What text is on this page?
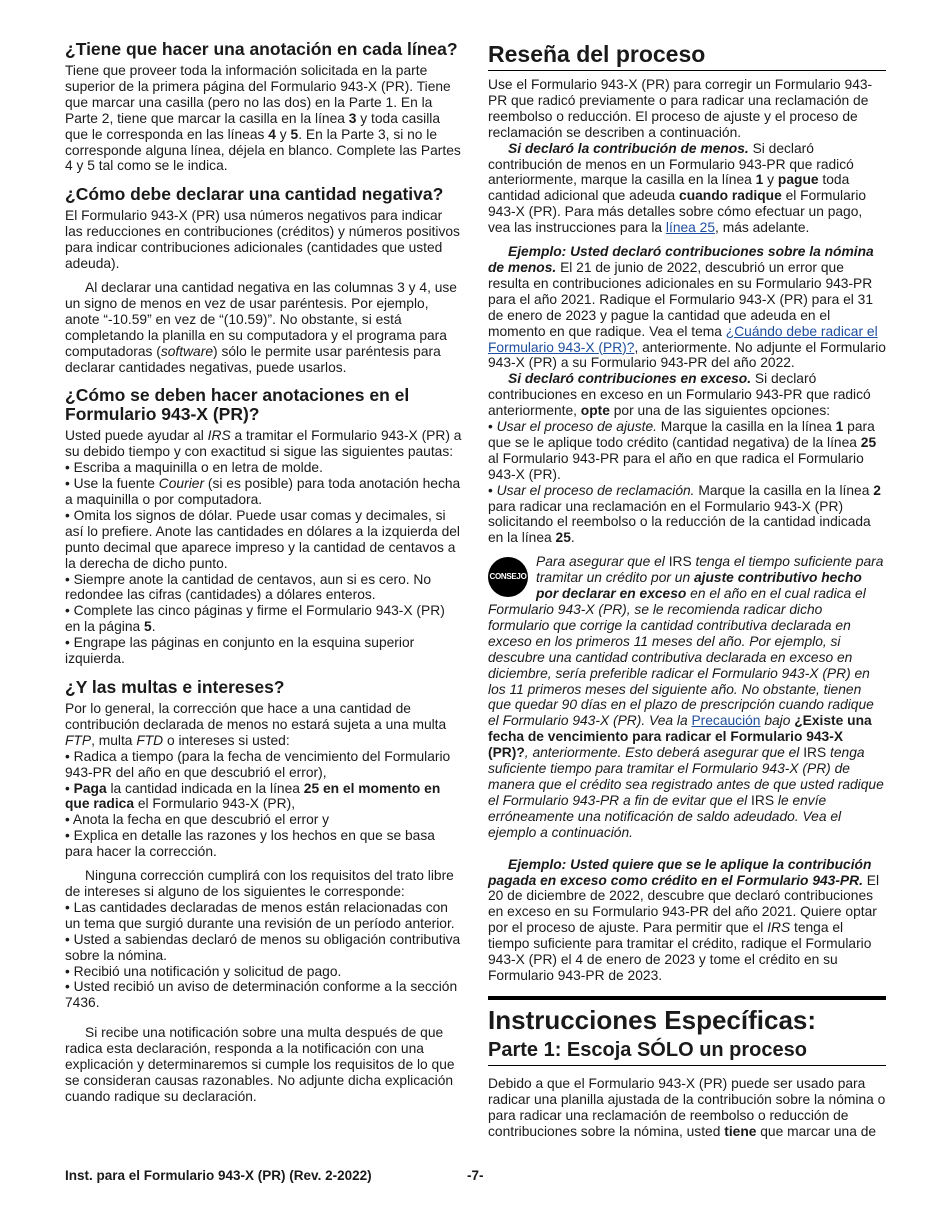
¿Tiene que hacer una anotación en cada línea?

Tiene que proveer toda la información solicitada en la parte superior de la primera página del Formulario 943-X (PR). Tiene que marcar una casilla (pero no las dos) en la Parte 1. En la Parte 2, tiene que marcar la casilla en la línea 3 y toda casilla que le corresponda en las líneas 4 y 5. En la Parte 3, si no le corresponde alguna línea, déjela en blanco. Complete las Partes 4 y 5 tal como se le indica.

¿Cómo debe declarar una cantidad negativa?

El Formulario 943-X (PR) usa números negativos para indicar las reducciones en contribuciones (créditos) y números positivos para indicar contribuciones adicionales (cantidades que usted adeuda).

Al declarar una cantidad negativa en las columnas 3 y 4, use un signo de menos en vez de usar paréntesis. Por ejemplo, anote “-10.59” en vez de “(10.59)”. No obstante, si está completando la planilla en su computadora y el programa para computadoras (software) sólo le permite usar paréntesis para declarar cantidades negativas, puede usarlos.

¿Cómo se deben hacer anotaciones en el Formulario 943-X (PR)?

Usted puede ayudar al IRS a tramitar el Formulario 943-X (PR) a su debido tiempo y con exactitud si sigue las siguientes pautas:

• Escriba a maquinilla o en letra de molde.

• Use la fuente Courier (si es posible) para toda anotación hecha a maquinilla o por computadora.

• Omita los signos de dólar. Puede usar comas y decimales, si así lo prefiere. Anote las cantidades en dólares a la izquierda del punto decimal que aparece impreso y la cantidad de centavos a la derecha de dicho punto.

• Siempre anote la cantidad de centavos, aun si es cero. No redondee las cifras (cantidades) a dólares enteros.

• Complete las cinco páginas y firme el Formulario 943-X (PR) en la página 5.

• Engrape las páginas en conjunto en la esquina superior izquierda.

¿Y las multas e intereses?

Por lo general, la corrección que hace a una cantidad de contribución declarada de menos no estará sujeta a una multa FTP, multa FTD o intereses si usted:

• Radica a tiempo (para la fecha de vencimiento del Formulario 943-PR del año en que descubrió el error),

• Paga la cantidad indicada en la línea 25 en el momento en que radica el Formulario 943-X (PR),

• Anota la fecha en que descubrió el error y

• Explica en detalle las razones y los hechos en que se basa para hacer la corrección.

Ninguna corrección cumplirá con los requisitos del trato libre de intereses si alguno de los siguientes le corresponde:

• Las cantidades declaradas de menos están relacionadas con un tema que surgió durante una revisión de un período anterior.

• Usted a sabiendas declaró de menos su obligación contributiva sobre la nómina.

• Recibió una notificación y solicitud de pago.

• Usted recibió un aviso de determinación conforme a la sección 7436.

Si recibe una notificación sobre una multa después de que radica esta declaración, responda a la notificación con una explicación y determinaremos si cumple los requisitos de lo que se consideran causas razonables. No adjunte dicha explicación cuando radique su declaración.

Reseña del proceso

Use el Formulario 943-X (PR) para corregir un Formulario 943-PR que radicó previamente o para radicar una reclamación de reembolso o reducción. El proceso de ajuste y el proceso de reclamación se describen a continuación.

Si declaró la contribución de menos. Si declaró contribución de menos en un Formulario 943-PR que radicó anteriormente, marque la casilla en la línea 1 y pague toda cantidad adicional que adeuda cuando radique el Formulario 943-X (PR). Para más detalles sobre cómo efectuar un pago, vea las instrucciones para la línea 25, más adelante.

Ejemplo: Usted declaró contribuciones sobre la nómina de menos. El 21 de junio de 2022, descubrió un error que resulta en contribuciones adicionales en su Formulario 943-PR para el año 2021. Radique el Formulario 943-X (PR) para el 31 de enero de 2023 y pague la cantidad que adeuda en el momento en que radique. Vea el tema ¿Cuándo debe radicar el Formulario 943-X (PR)?, anteriormente. No adjunte el Formulario 943-X (PR) a su Formulario 943-PR del año 2022.

Si declaró contribuciones en exceso. Si declaró contribuciones en exceso en un Formulario 943-PR que radicó anteriormente, opte por una de las siguientes opciones:

• Usar el proceso de ajuste. Marque la casilla en la línea 1 para que se le aplique todo crédito (cantidad negativa) de la línea 25 al Formulario 943-PR para el año en que radica el Formulario 943-X (PR).

• Usar el proceso de reclamación. Marque la casilla en la línea 2 para radicar una reclamación en el Formulario 943-X (PR) solicitando el reembolso o la reducción de la cantidad indicada en la línea 25.

CONSEJO

Para asegurar que el IRS tenga el tiempo suficiente para tramitar un crédito por un ajuste contributivo hecho por declarar en exceso en el año en el cual radica el Formulario 943-X (PR), se le recomienda radicar dicho formulario que corrige la cantidad contributiva declarada en exceso en los primeros 11 meses del año. Por ejemplo, si descubre una cantidad contributiva declarada en exceso en diciembre, sería preferible radicar el Formulario 943-X (PR) en los 11 primeros meses del siguiente año. No obstante, tienen que quedar 90 días en el plazo de prescripción cuando radique el Formulario 943-X (PR). Vea la Precaución bajo ¿Existe una fecha de vencimiento para radicar el Formulario 943-X (PR)?, anteriormente. Esto deberá asegurar que el IRS tenga suficiente tiempo para tramitar el Formulario 943-X (PR) de manera que el crédito sea registrado antes de que usted radique el Formulario 943-PR a fin de evitar que el IRS le envíe erróneamente una notificación de saldo adeudado. Vea el ejemplo a continuación.

Ejemplo: Usted quiere que se le aplique la contribución pagada en exceso como crédito en el Formulario 943-PR. El 20 de diciembre de 2022, descubre que declaró contribuciones en exceso en su Formulario 943-PR del año 2021. Quiere optar por el proceso de ajuste. Para permitir que el IRS tenga el tiempo suficiente para tramitar el crédito, radique el Formulario 943-X (PR) el 4 de enero de 2023 y tome el crédito en su Formulario 943-PR de 2023.

Instrucciones Específicas:

Parte 1: Escoja SÓLO un proceso

Debido a que el Formulario 943-X (PR) puede ser usado para radicar una planilla ajustada de la contribución sobre la nómina o para radicar una reclamación de reembolso o reducción de contribuciones sobre la nómina, usted tiene que marcar una de

Inst. para el Formulario 943-X (PR) (Rev. 2-2022)	-7-
